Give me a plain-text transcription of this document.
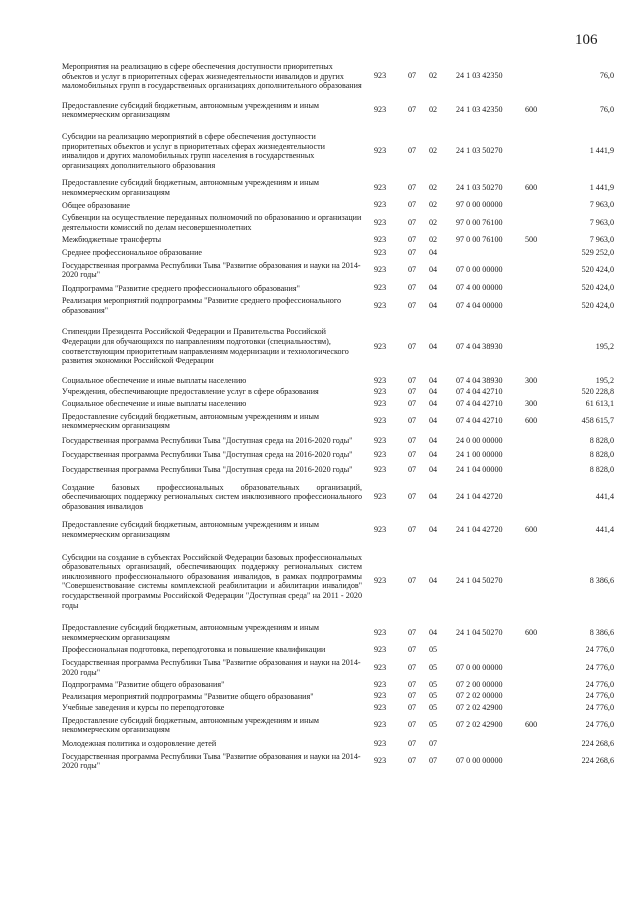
106
Мероприятия на реализацию в сфере обеспечения доступности приоритетных объектов и услуг в приоритетных сферах жизнедеятельности инвалидов и других маломобильных групп в государственных организациях дополнительного образования
923	07 02 24 1 03 42350	76,0
Предоставление субсидий бюджетным, автономным учреждениям и иным некоммерческим организациям
923	07 02 24 1 03 42350	600	76,0
Субсидии на реализацию мероприятий в сфере обеспечения доступности приоритетных объектов и услуг в приоритетных сферах жизнедеятельности инвалидов и других маломобильных групп населения в государственных организациях дополнительного образования
923	07 02 24 1 03 50270	1 441,9
Предоставление субсидий бюджетным, автономным учреждениям и иным некоммерческим организациям
923	07 02 24 1 03 50270	600	1 441,9
Общее образование	923	07 02 97 0 00 00000	7 963,0
Субвенции на осуществление переданных полномочий по образованию и организации деятельности комиссий по делам несовершеннолетних
923	07 02 97 0 00 76100	7 963,0
Межбюджетные трансферты	923	07 02 97 0 00 76100	500	7 963,0
Среднее профессиональное образование	923	07 04	529 252,0
Государственная программа Республики Тыва "Развитие образования и науки на 2014-2020 годы"
923	07 04 07 0 00 00000	520 424,0
Подпрограмма "Развитие среднего профессионального образования"	923	07 04 07 4 00 00000	520 424,0
Реализация мероприятий подпрограммы "Развитие среднего профессионального образования"
923	07 04 07 4 04 00000	520 424,0
Стипендии Президента Российской Федерации и Правительства Российской Федерации для обучающихся по направлениям подготовки (специальностям), соответствующим приоритетным направлениям модернизации и технологического развития экономики Российской Федерации
923	07 04 07 4 04 38930	195,2
Социальное обеспечение и иные выплаты населению	923	07 04 07 4 04 38930	300	195,2
Учреждения, обеспечивающие предоставление услуг в сфере образования	923	07 04 07 4 04 42710	520 228,8
Социальное обеспечение и иные выплаты населению	923	07 04 07 4 04 42710	300	61 613,1
Предоставление субсидий бюджетным, автономным учреждениям и иным некоммерческим организациям
923	07 04 07 4 04 42710	600	458 615,7
Государственная программа Республики Тыва "Доступная среда на 2016-2020 годы"	923	07 04 24 0 00 00000	8 828,0
Государственная программа Республики Тыва "Доступная среда на 2016-2020 годы"	923	07 04 24 1 00 00000	8 828,0
Государственная программа Республики Тыва "Доступная среда на 2016-2020 годы"	923	07 04 24 1 04 00000	8 828,0
Создание базовых профессиональных образовательных организаций, обеспечивающих поддержку региональных систем инклюзивного профессионального образования инвалидов
923	07 04 24 1 04 42720	441,4
Предоставление субсидий бюджетным, автономным учреждениям и иным некоммерческим организациям
923	07 04 24 1 04 42720	600	441,4
Субсидии на создание в субъектах Российской Федерации базовых профессиональных образовательных организаций, обеспечивающих поддержку региональных систем инклюзивного профессионального образования инвалидов, в рамках подпрограммы "Совершенствование системы комплексной реабилитации и абилитации инвалидов" государственной программы Российской Федерации "Доступная среда" на 2011 - 2020 годы
923	07 04 24 1 04 50270	8 386,6
Предоставление субсидий бюджетным, автономным учреждениям и иным некоммерческим организациям
923	07 04 24 1 04 50270	600	8 386,6
Профессиональная подготовка, переподготовка и повышение квалификации	923	07 05	24 776,0
Государственная программа Республики Тыва "Развитие образования и науки на 2014-2020 годы"
923	07 05 07 0 00 00000	24 776,0
Подпрограмма "Развитие общего образования"	923	07 05 07 2 00 00000	24 776,0
Реализация мероприятий подпрограммы "Развитие общего образования"	923	07 05 07 2 02 00000	24 776,0
Учебные заведения и курсы по переподготовке	923	07 05 07 2 02 42900	24 776,0
Предоставление субсидий бюджетным, автономным учреждениям и иным некоммерческим организациям
923	07 05 07 2 02 42900	600	24 776,0
Молодежная политика и оздоровление детей	923	07 07	224 268,6
Государственная программа Республики Тыва "Развитие образования и науки на 2014-2020 годы"
923	07 07 07 0 00 00000	224 268,6
